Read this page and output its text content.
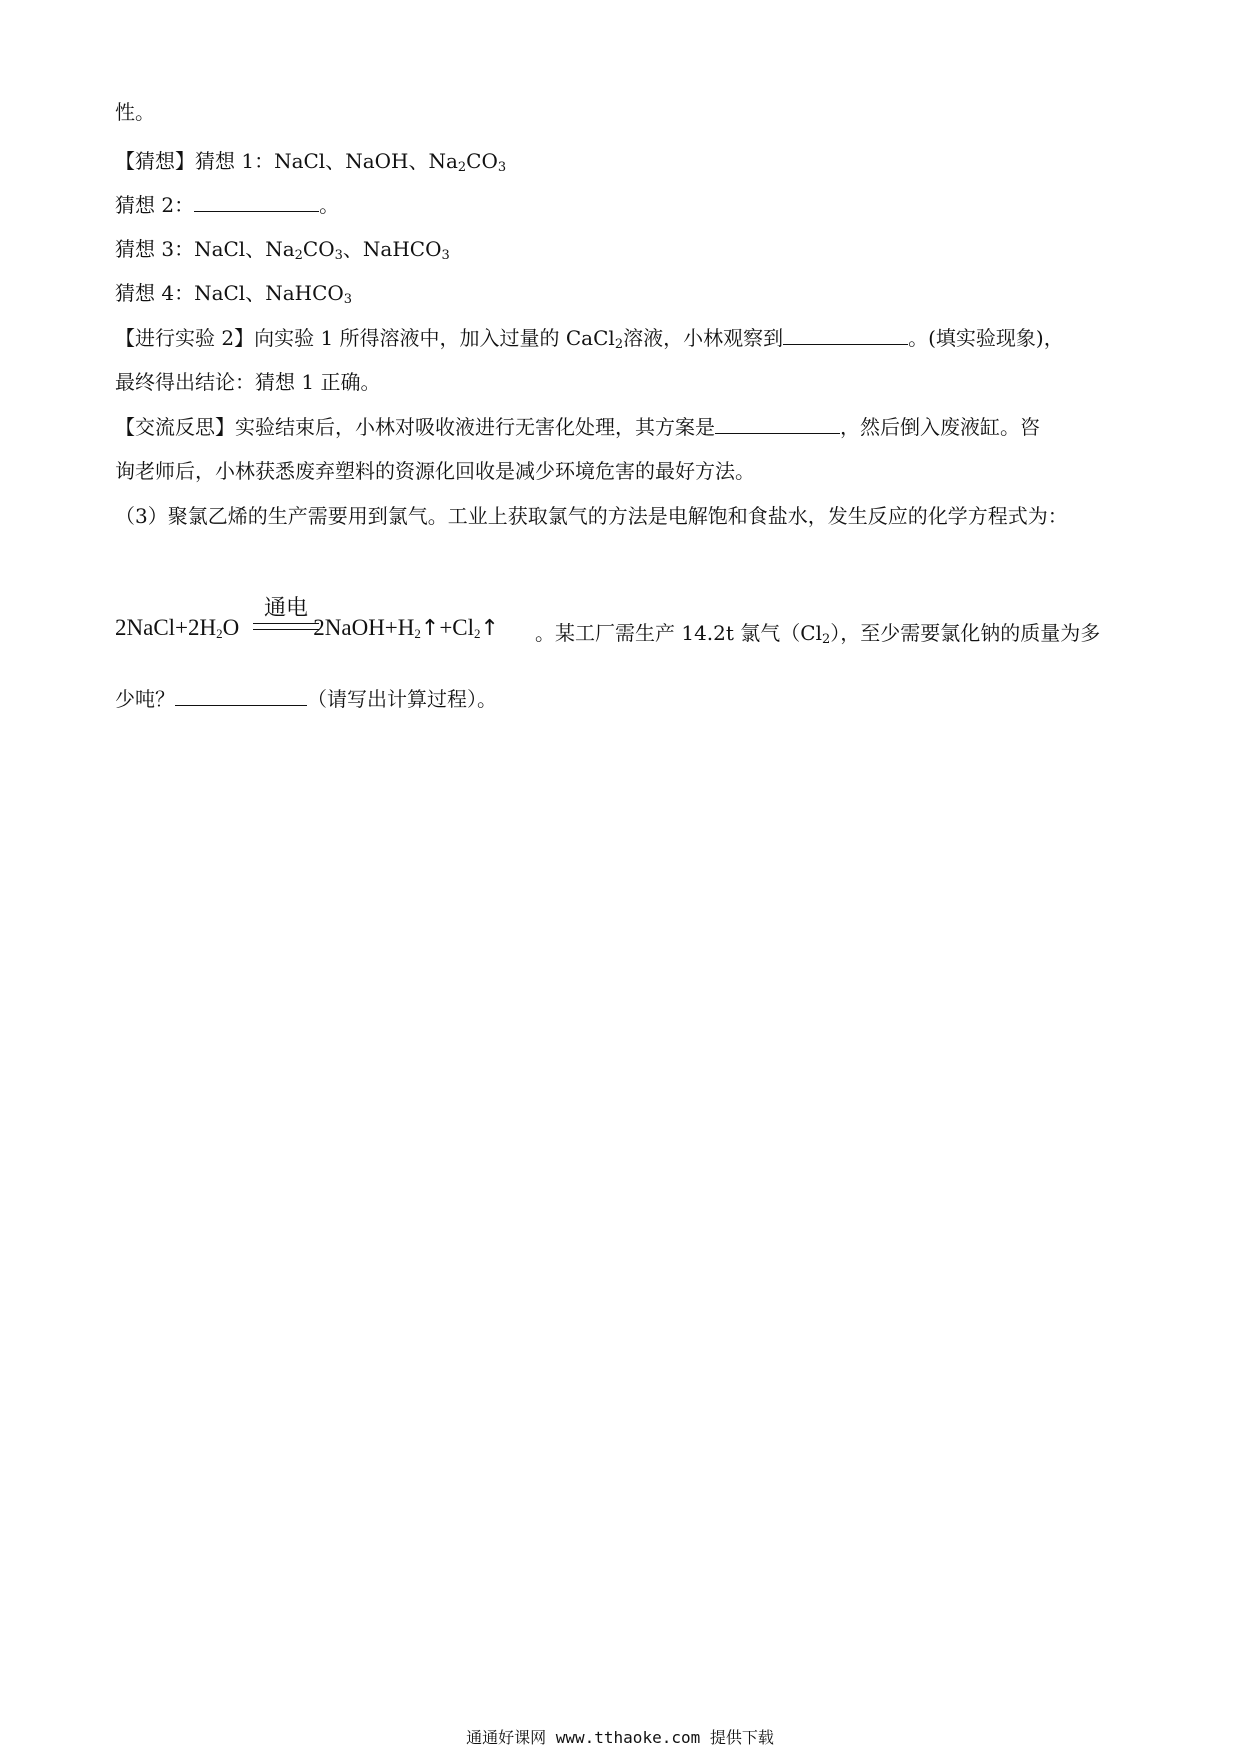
性。
【猜想】猜想 1：NaCl、NaOH、$Na_2CO_3$
猜想 2：	。
猜想 3：NaCl、$Na_2CO_3$、NaHCO$_3$
猜想 4：NaCl、NaHCO$_3$
【进行实验 2】向实验 1 所得溶液中，加入过量的 CaCl$_2$溶液，小林观察到	。(填实验现象)，
最终得出结论：猜想 1 正确。
【交流反思】实验结束后，小林对吸收液进行无害化处理，其方案是	，然后倒入废液缸。咨
询老师后，小林获悉废弃塑料的资源化回收是减少环境危害的最好方法。
（3）聚氯乙烯的生产需要用到氯气。工业上获取氯气的方法是电解饱和食盐水，发生反应的化学方程式为：
$2NaCl+2H_2O$	$2NaOH+H_2↑+Cl_2↑$
通电
。某工厂需生产 14.2t 氯气$(Cl_2)$，至少需要氯化钠的质量为多
少吨？	（请写出计算过程）。
通通好课网 www.tthaoke.com 提供下载
